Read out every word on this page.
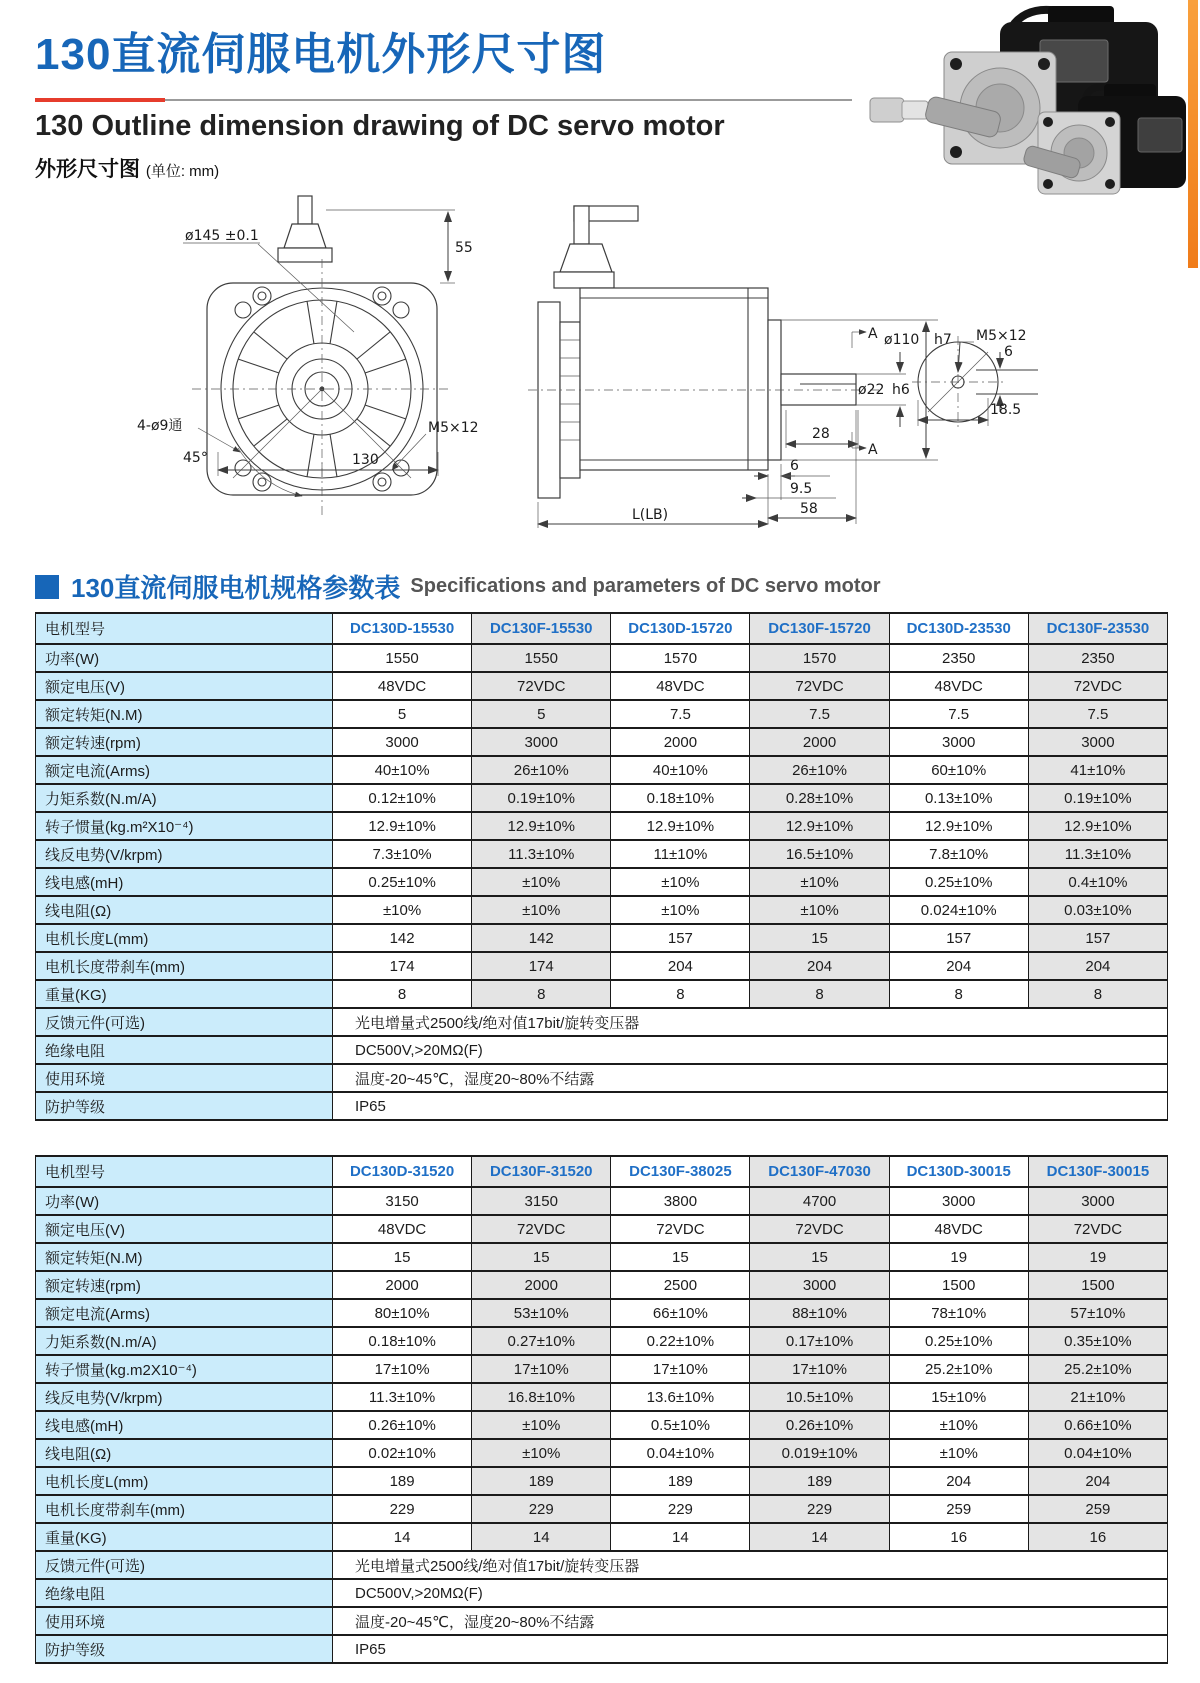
130直流伺服电机外形尺寸图
130 Outline dimension drawing of DC servo motor
外形尺寸图 (单位: mm)
ø145 ±0.1
55
4-ø9通	M5×12
45°	130
A
A
ø110 h7
ø22 h6
28
6
9.5
58
L(LB)
M5×12
6
18.5
130直流伺服电机规格参数表 Specifications and parameters of DC servo motor
电机型号	DC130D-15530	DC130F-15530	DC130D-15720	DC130F-15720	DC130D-23530	DC130F-23530
功率(W)	1550	1550	1570	1570	2350	2350
额定电压(V)	48VDC	72VDC	48VDC	72VDC	48VDC	72VDC
额定转矩(N.M)	5	5	7.5	7.5	7.5	7.5
额定转速(rpm)	3000	3000	2000	2000	3000	3000
额定电流(Arms)	40±10%	26±10%	40±10%	26±10%	60±10%	41±10%
力矩系数(N.m/A)	0.12±10%	0.19±10%	0.18±10%	0.28±10%	0.13±10%	0.19±10%
转子惯量(kg.m²X10⁻⁴)	12.9±10%	12.9±10%	12.9±10%	12.9±10%	12.9±10%	12.9±10%
线反电势(V/krpm)	7.3±10%	11.3±10%	11±10%	16.5±10%	7.8±10%	11.3±10%
线电感(mH)	0.25±10%	±10%	±10%	±10%	0.25±10%	0.4±10%
线电阻(Ω)	±10%	±10%	±10%	±10%	0.024±10%	0.03±10%
电机长度L(mm)	142	142	157	15	157	157
电机长度带刹车(mm)	174	174	204	204	204	204
重量(KG)	8	8	8	8	8	8
反馈元件(可选)	光电增量式2500线/绝对值17bit/旋转变压器					
绝缘电阻	DC500V,>20MΩ(F)					
使用环境	温度-20~45℃，湿度20~80%不结露					
防护等级	IP65					
电机型号	DC130D-31520	DC130F-31520	DC130F-38025	DC130F-47030	DC130D-30015	DC130F-30015
功率(W)	3150	3150	3800	4700	3000	3000
额定电压(V)	48VDC	72VDC	72VDC	72VDC	48VDC	72VDC
额定转矩(N.M)	15	15	15	15	19	19
额定转速(rpm)	2000	2000	2500	3000	1500	1500
额定电流(Arms)	80±10%	53±10%	66±10%	88±10%	78±10%	57±10%
力矩系数(N.m/A)	0.18±10%	0.27±10%	0.22±10%	0.17±10%	0.25±10%	0.35±10%
转子惯量(kg.m2X10⁻⁴)	17±10%	17±10%	17±10%	17±10%	25.2±10%	25.2±10%
线反电势(V/krpm)	11.3±10%	16.8±10%	13.6±10%	10.5±10%	15±10%	21±10%
线电感(mH)	0.26±10%	±10%	0.5±10%	0.26±10%	±10%	0.66±10%
线电阻(Ω)	0.02±10%	±10%	0.04±10%	0.019±10%	±10%	0.04±10%
电机长度L(mm)	189	189	189	189	204	204
电机长度带刹车(mm)	229	229	229	229	259	259
重量(KG)	14	14	14	14	16	16
反馈元件(可选)	光电增量式2500线/绝对值17bit/旋转变压器					
绝缘电阻	DC500V,>20MΩ(F)					
使用环境	温度-20~45℃，湿度20~80%不结露					
防护等级	IP65					
